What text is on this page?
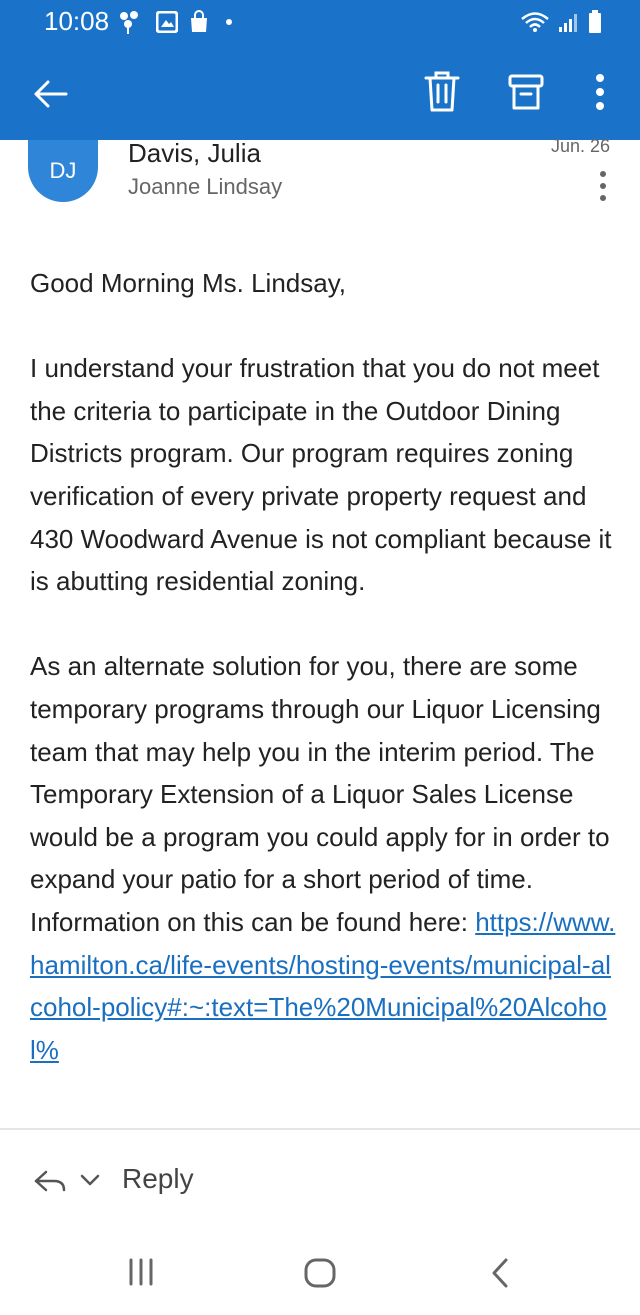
10:08
DJ
Davis, Julia
Joanne Lindsay
Jun. 26

Good Morning Ms. Lindsay,

I understand your frustration that you do not meet the criteria to participate in the Outdoor Dining Districts program. Our program requires zoning verification of every private property request and 430 Woodward Avenue is not compliant because it is abutting residential zoning.

As an alternate solution for you, there are some temporary programs through our Liquor Licensing team that may help you in the interim period. The Temporary Extension of a Liquor Sales License would be a program you could apply for in order to expand your patio for a short period of time. Information on this can be found here: https://www.hamilton.ca/life-events/hosting-events/municipal-alcohol-policy#:~:text=The%20Municipal%20Alcohol%

Reply
